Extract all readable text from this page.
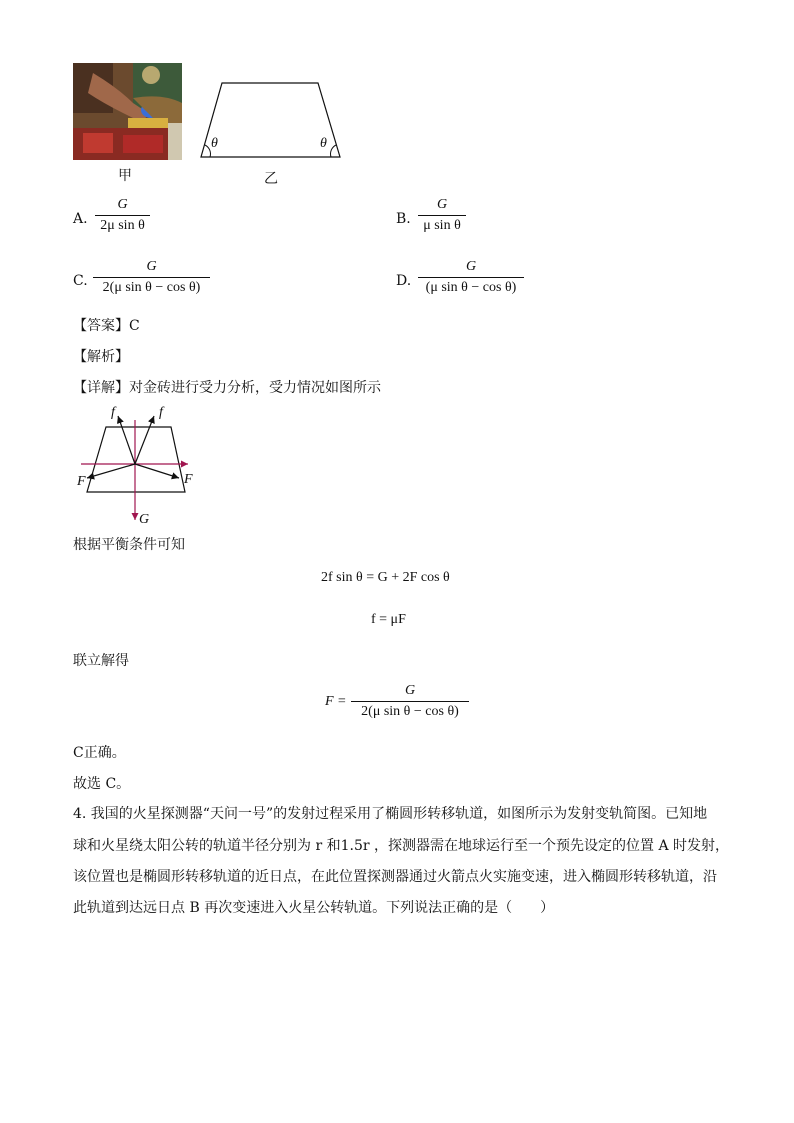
甲
θ	θ
乙
A.
G
2μ sin θ	B.
G
μ sin θ
C.
G
2(μ sin θ − cos θ)	D.
G
(μ sin θ − cos θ)
【答案】C
【解析】
【详解】对金砖进行受力分析，受力情况如图所示
f	f
F	F
G
根据平衡条件可知
2f sin θ = G + 2F cos θ
f = μF
联立解得
F =
G
2(μ sin θ − cos θ)
C正确。
故选 C。
4. 我国的火星探测器“天问一号”的发射过程采用了椭圆形转移轨道，如图所示为发射变轨简图。已知地
球和火星绕太阳公转的轨道半径分别为 r 和1.5r ，探测器需在地球运行至一个预先设定的位置 A 时发射，
该位置也是椭圆形转移轨道的近日点，在此位置探测器通过火箭点火实施变速，进入椭圆形转移轨道，沿
此轨道到达远日点 B 再次变速进入火星公转轨道。下列说法正确的是（　　）
